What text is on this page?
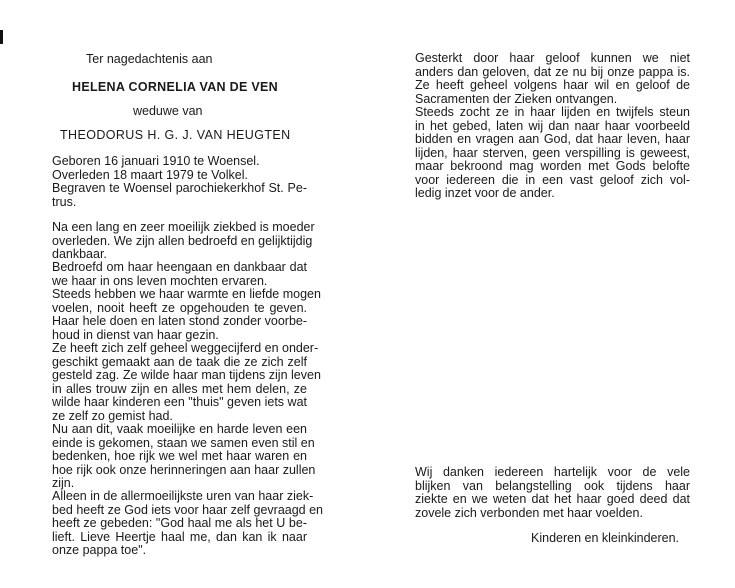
Ter nagedachtenis aan
HELENA CORNELIA VAN DE VEN
weduwe van
THEODORUS H. G. J. VAN HEUGTEN
Geboren 16 januari 1910 te Woensel.
Overleden 18 maart 1979 te Volkel.
Begraven te Woensel parochiekerkhof St. Pe-
trus.
Na een lang en zeer moeilijk ziekbed is moeder
overleden. We zijn allen bedroefd en gelijktijdig
dankbaar.
Bedroefd om haar heengaan en dankbaar dat
we haar in ons leven mochten ervaren.
Steeds hebben we haar warmte en liefde mogen
voelen, nooit heeft ze opgehouden te geven.
Haar hele doen en laten stond zonder voorbe-
houd in dienst van haar gezin.
Ze heeft zich zelf geheel weggecijferd en onder-
geschikt gemaakt aan de taak die ze zich zelf
gesteld zag. Ze wilde haar man tijdens zijn leven
in alles trouw zijn en alles met hem delen, ze
wilde haar kinderen een "thuis" geven iets wat
ze zelf zo gemist had.
Nu aan dit, vaak moeilijke en harde leven een
einde is gekomen, staan we samen even stil en
bedenken, hoe rijk we wel met haar waren en
hoe rijk ook onze herinneringen aan haar zullen
zijn.
Alleen in de allermoeilijkste uren van haar ziek-
bed heeft ze God iets voor haar zelf gevraagd en
heeft ze gebeden: "God haal me als het U be-
lieft. Lieve Heertje haal me, dan kan ik naar
onze pappa toe".
Gesterkt door haar geloof kunnen we niet
anders dan geloven, dat ze nu bij onze pappa is.
Ze heeft geheel volgens haar wil en geloof de
Sacramenten der Zieken ontvangen.
Steeds zocht ze in haar lijden en twijfels steun
in het gebed, laten wij dan naar haar voorbeeld
bidden en vragen aan God, dat haar leven, haar
lijden, haar sterven, geen verspilling is geweest,
maar bekroond mag worden met Gods belofte
voor iedereen die in een vast geloof zich vol-
ledig inzet voor de ander.
Wij danken iedereen hartelijk voor de vele
blijken van belangstelling ook tijdens haar
ziekte en we weten dat het haar goed deed dat
zovele zich verbonden met haar voelden.
Kinderen en kleinkinderen.
